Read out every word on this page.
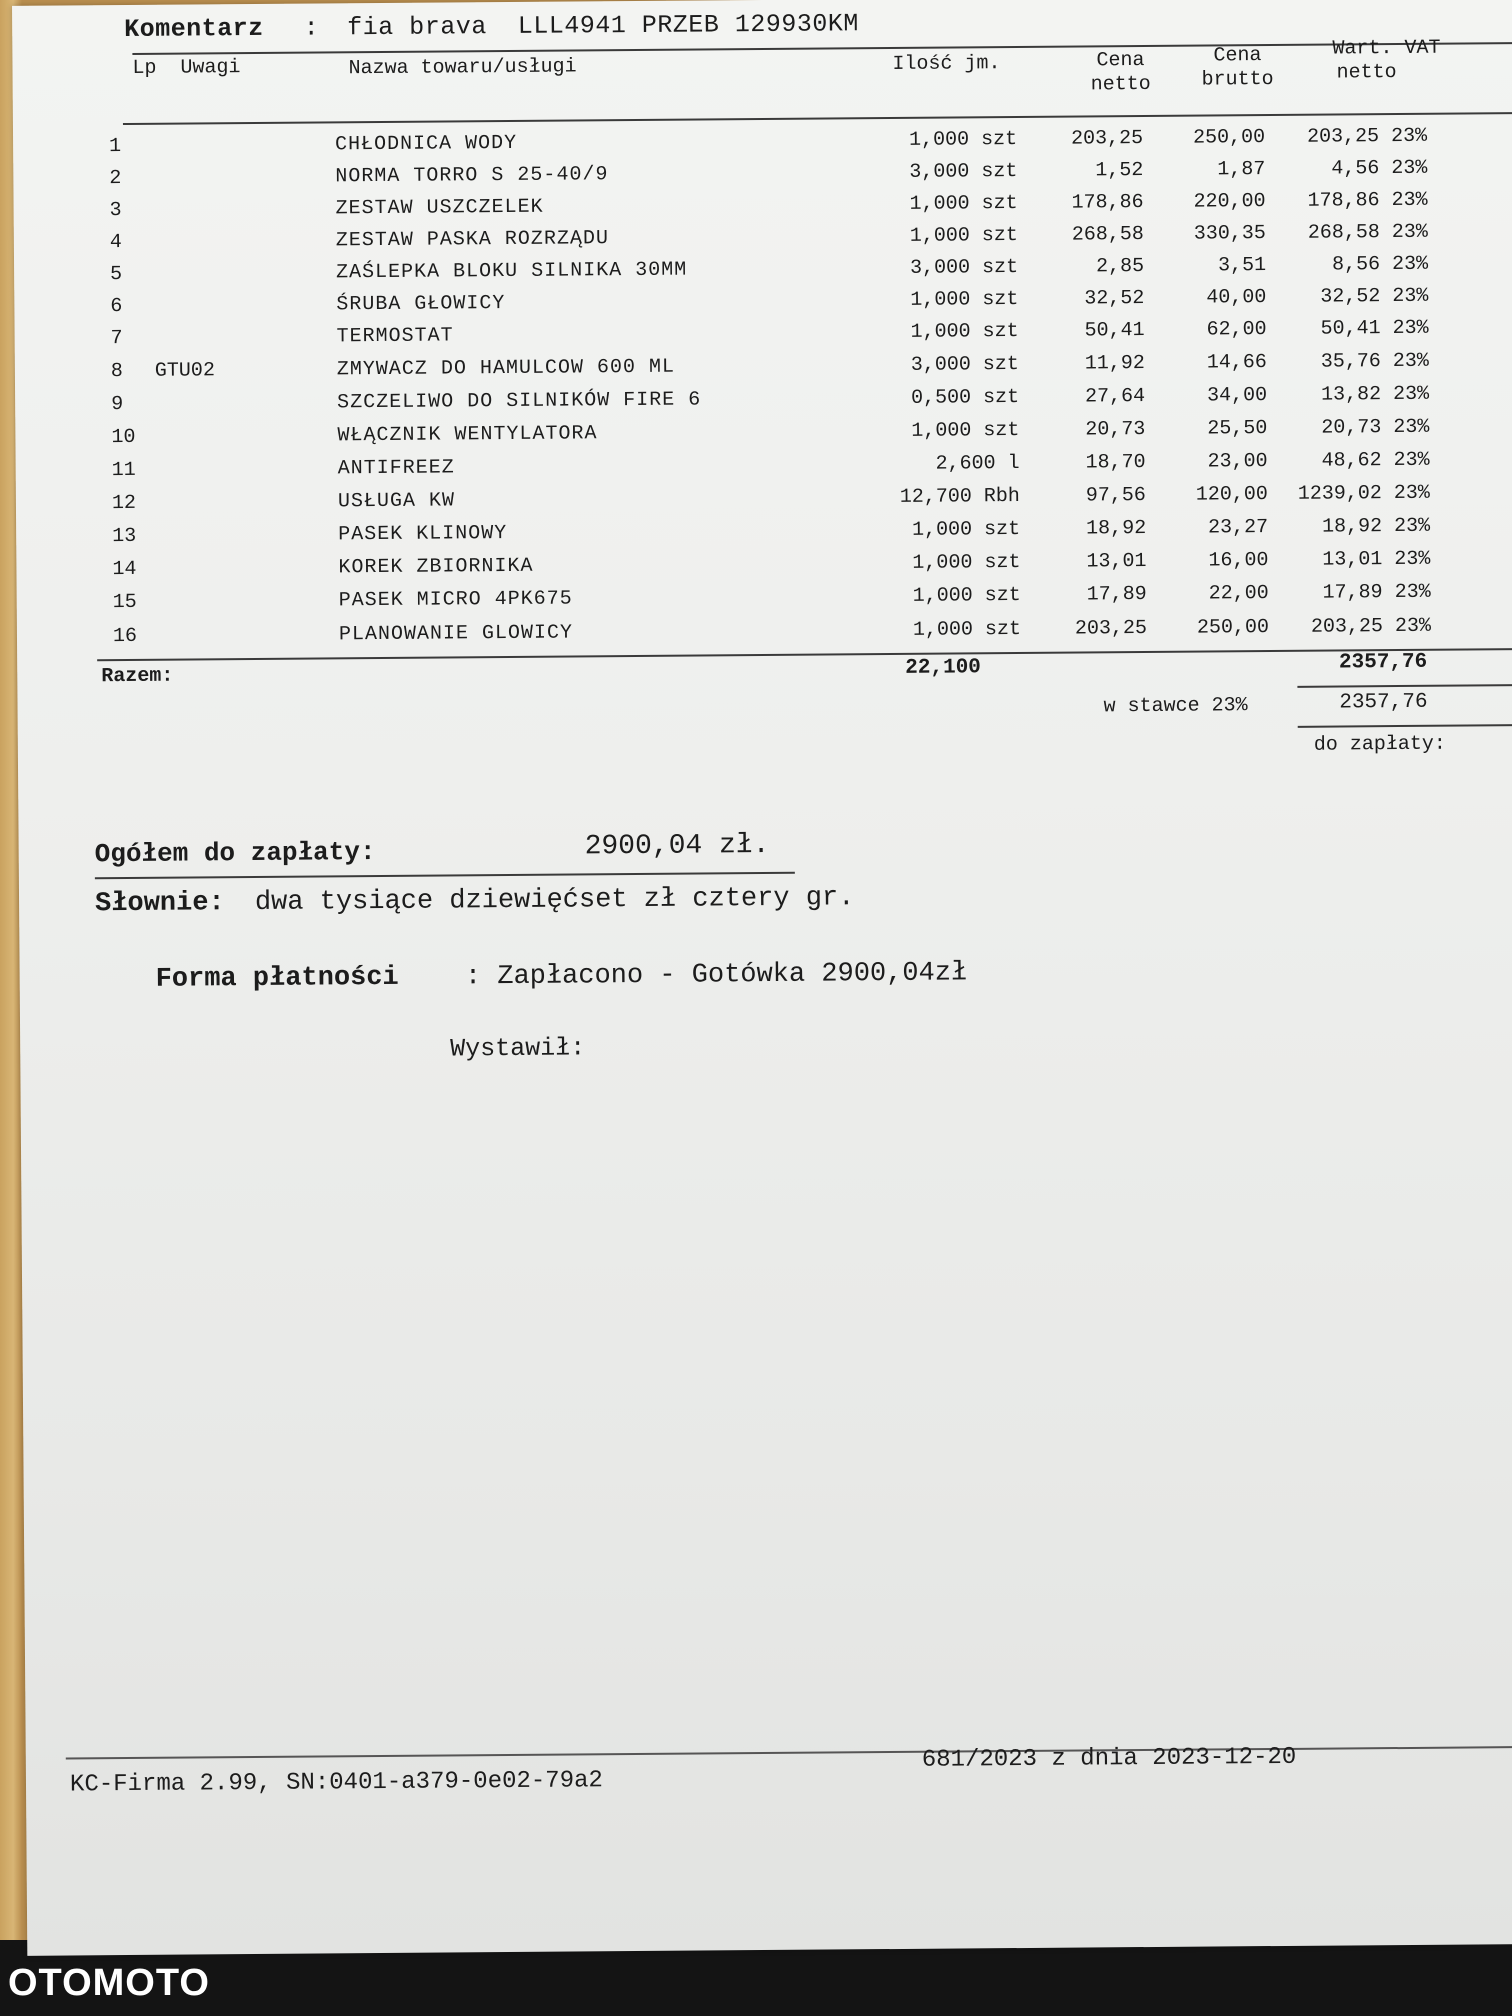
Komentarz : fia brava  LLL4941 PRZEB 129930KM
Lp Uwagi	Nazwa towaru/usługi	Ilość jm.	Cena
netto
Cena
brutto
Wart. VAT
netto
1	CHŁODNICA WODY	1,000 szt	203,25 250,00 203,25 23%
2	NORMA TORRO S 25-40/9	3,000 szt	1,52	1,87	4,56 23%
3	ZESTAW USZCZELEK	1,000 szt	178,86 220,00 178,86 23%
4	ZESTAW PASKA ROZRZĄDU	1,000 szt	268,58 330,35 268,58 23%
5	ZAŚLEPKA BLOKU SILNIKA 30MM	3,000 szt	2,85	3,51	8,56 23%
6	ŚRUBA GŁOWICY	1,000 szt	32,52	40,00	32,52 23%
7	TERMOSTAT	1,000 szt	50,41	62,00	50,41 23%
8	GTU02	ZMYWACZ DO HAMULCOW 600 ML	3,000 szt	11,92	14,66	35,76 23%
9	SZCZELIWO DO SILNIKÓW FIRE 6	0,500 szt	27,64	34,00	13,82 23%
10	WŁĄCZNIK WENTYLATORA	1,000 szt	20,73	25,50	20,73 23%
11	ANTIFREEZ	2,600 l	18,70	23,00	48,62 23%
12	USŁUGA KW	12,700 Rbh	97,56 120,00 1239,02 23%
13	PASEK KLINOWY	1,000 szt	18,92	23,27	18,92 23%
14	KOREK ZBIORNIKA	1,000 szt	13,01	16,00	13,01 23%
15	PASEK MICRO 4PK675	1,000 szt	17,89	22,00	17,89 23%
16	PLANOWANIE GLOWICY	1,000 szt	203,25 250,00 203,25 23%
Razem:	22,100	2357,76
w stawce 23%	2357,76
do zapłaty:
Ogółem do zapłaty:	2900,04 zł.
Słownie: dwa tysiące dziewięćset zł cztery gr.
Forma płatności : Zapłacono - Gotówka 2900,04zł
Wystawił:
KC-Firma 2.99, SN:0401-a379-0e02-79a2
681/2023 z dnia 2023-12-20
OTOMOTO
